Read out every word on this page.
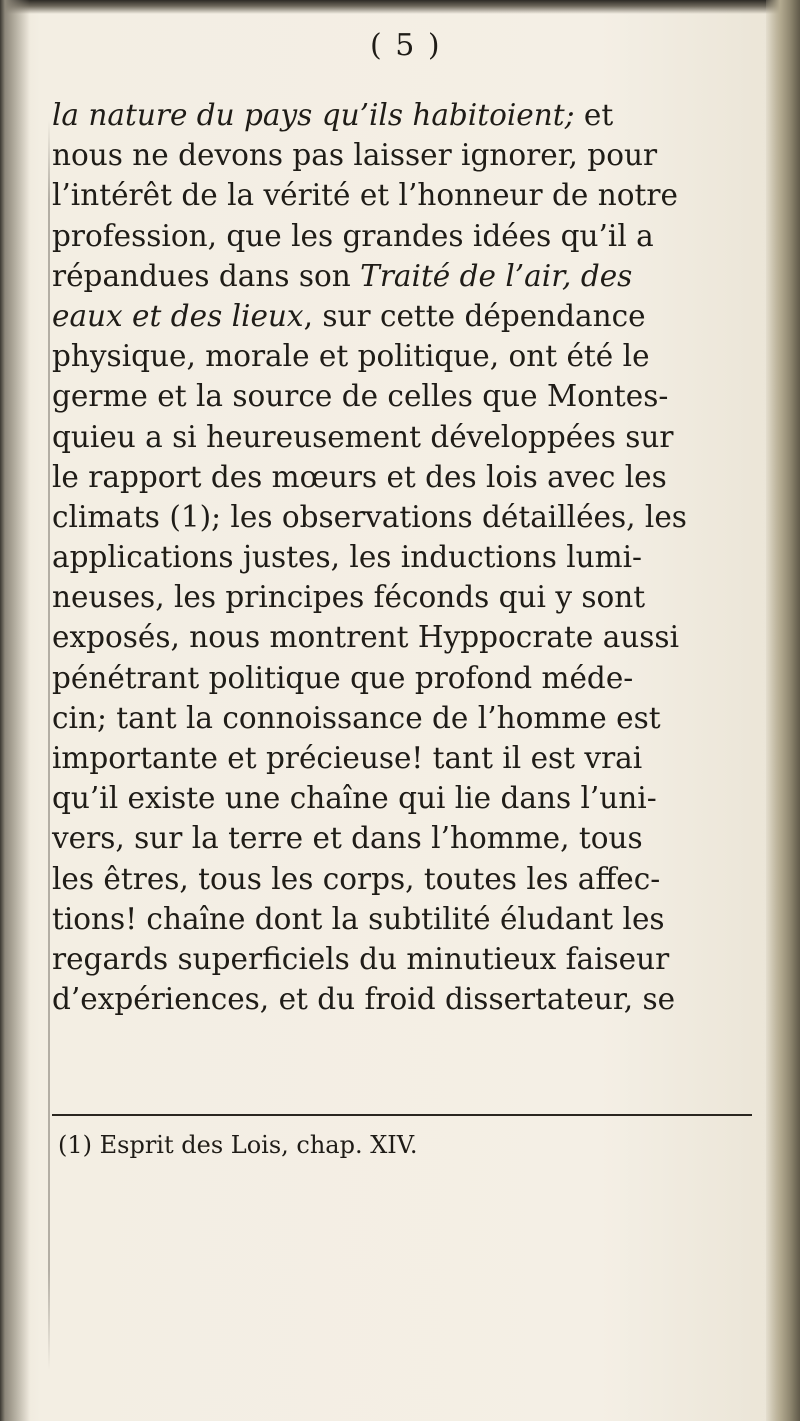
( 5 )
la nature du pays qu’ils habitoient; et
nous ne devons pas laisser ignorer, pour
l’intérêt de la vérité et l’honneur de notre
profession, que les grandes idées qu’il a
répandues dans son Traité de l’air, des
eaux et des lieux, sur cette dépendance
physique, morale et politique, ont été le
germe et la source de celles que Montes-
quieu a si heureusement développées sur
le rapport des mœurs et des lois avec les
climats (1); les observations détaillées, les
applications justes, les inductions lumi-
neuses, les principes féconds qui y sont
exposés, nous montrent Hyppocrate aussi
pénétrant politique que profond méde-
cin; tant la connoissance de l’homme est
importante et précieuse! tant il est vrai
qu’il existe une chaîne qui lie dans l’uni-
vers, sur la terre et dans l’homme, tous
les êtres, tous les corps, toutes les affec-
tions! chaîne dont la subtilité éludant les
regards superficiels du minutieux faiseur
d’expériences, et du froid dissertateur, se
(1) Esprit des Lois, chap. XIV.
